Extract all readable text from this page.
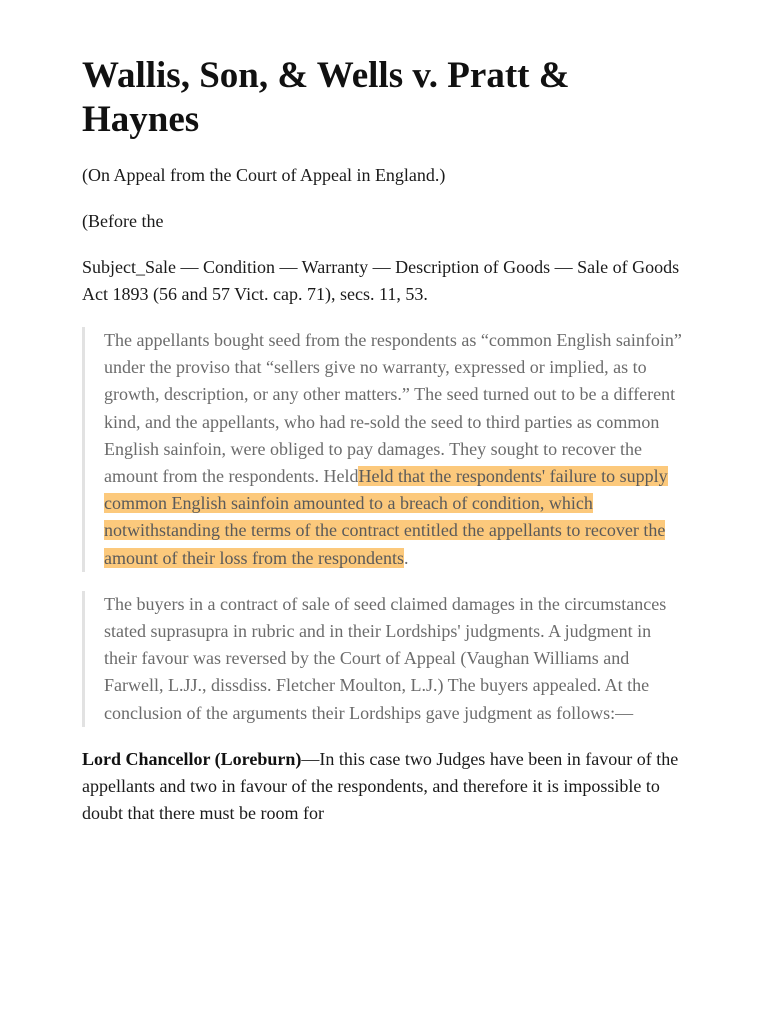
Wallis, Son, & Wells v. Pratt & Haynes

(On Appeal from the Court of Appeal in England.)

(Before the

Subject_Sale — Condition — Warranty — Description of Goods — Sale of Goods Act 1893 (56 and 57 Vict. cap. 71), secs. 11, 53.

The appellants bought seed from the respondents as “common English sainfoin” under the proviso that “sellers give no warranty, expressed or implied, as to growth, description, or any other matters.” The seed turned out to be a different kind, and the appellants, who had re-sold the seed to third parties as common English sainfoin, were obliged to pay damages. They sought to recover the amount from the respondents. HeldHeld that the respondents' failure to supply common English sainfoin amounted to a breach of condition, which notwithstanding the terms of the contract entitled the appellants to recover the amount of their loss from the respondents.

The buyers in a contract of sale of seed claimed damages in the circumstances stated suprasupra in rubric and in their Lordships' judgments. A judgment in their favour was reversed by the Court of Appeal (Vaughan Williams and Farwell, L.JJ., dissdiss. Fletcher Moulton, L.J.) The buyers appealed. At the conclusion of the arguments their Lordships gave judgment as follows:—

Lord Chancellor (Loreburn)—In this case two Judges have been in favour of the appellants and two in favour of the respondents, and therefore it is impossible to doubt that there must be room for
